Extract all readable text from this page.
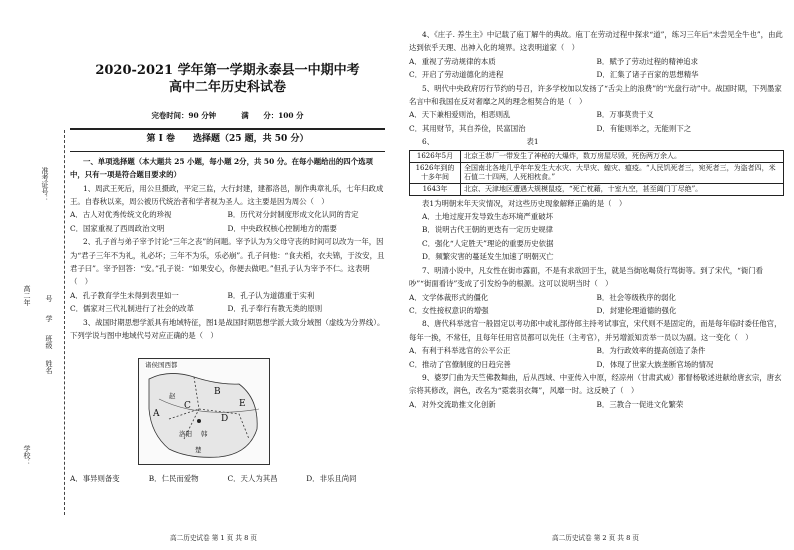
准考证号：
号
学
班级
姓名
高二年
学校：

2020-2021 学年第一学期永泰县一中期中考

高中二年历史科试卷

完卷时间：90 分钟	满　　分：100 分

第 I 卷　　选择题（25 题，共 50 分）

一、单项选择题（本大题共 25 小题，每小题 2分，共 50 分。在每小题给出的四个选项中，只有一项是符合题目要求的）

1、周武王死后，用公旦摄政，平定三监，大行封建，建都洛邑，制作典章礼乐，七年归政成王。自春秋以来，周公被历代统治者和学者视为圣人。这主要是因为周公（　）

A．古人对优秀传统文化的珍视	B．历代对分封制度形成文化认同的肯定
C．国家重视了西周政治文明	D．中央政权核心控制地方的需要

2、孔子首与弟子宰予讨论“三年之丧”的问题。宰予认为为父母守丧的时间可以改为一年，因为“君子三年不为礼，礼必坏；三年不为乐，乐必崩”。孔子问他：“食夫稻，衣夫锦，于汝安，且君子曰”。宰予回答：“安。”孔子说：“如果安心，你便去做吧。”但孔子认为宰予不仁。这表明（　）

A．孔子教育学生未得到表里如一	B．孔子认为道德重于实利
C．儒家对三代礼制进行了社会的改革	D．孔子奉行有教无类的原则

3、战国时期思想学派具有地域特征，图1是战国时期思想学派大致分域图（虚线为分界线）。下列学说与图中地域代号对应正确的是（　）

诸侯国西都
A
B
C
D
E
洛阳 韩
楚
赵
A．事异则备变	B．仁民而爱物	C．天人为其昌	D．非乐且尚同
高二历史试卷 第 1 页 共 8 页

4、《庄子. 养生主》中记载了庖丁解牛的典故。庖丁在劳动过程中探求“道”，练习三年后“未尝见全牛也”，由此达到依乎天理、出神入化的境界。这表明道家（　）

A．重视了劳动规律的本质	B．赋予了劳动过程的精神追求
C．开启了劳动道德化的进程	D．汇集了诸子百家的思想精华

5、明代中央政府厉行节约的号召，许多学校加以发扬了“舌尖上的浪费”的“光盘行动”中。战国时期，下列墨家名言中和我国在反对奢靡之风的理念相契合的是（　）

A．天下兼相爱则治，相恶则乱	B．万事莫贵于义
C．其用财节，其自养俭，民富国治	D．有能则举之，无能则下之

6、　　　　　　　　　　　　　表1

1626年5月	北京王恭厂一带发生了神秘的大爆炸，数万房屋尽毁，死伤两万余人。
1626年到的十多年间	全国南北各地几乎年年发生大水灾、大旱灾、蝗灾、瘟疫。“人民饥死者三，宛死者三，为盗者四，米石值二十四两，人死相枕食。”
1643年	北京、天津地区遭遇大规模鼠疫，“死亡枕藉，十室九空，甚至阖门丁尽绝”。

表1为明朝末年天灾情况，对这些历史现象解释正确的是（　）

A．土地过度开发导致生态环境严重破坏

B．说明古代王朝的更迭有一定历史规律

C．强化“人定胜天”理论的重要历史依据

D．频繁灾害的蔓延发生加速了明朝灭亡

7、明清小说中，凡女性在街市露面，不是有求欲回于生，就是当街吆喝货行骂街等。到了宋代，“衙门看吵”“街面看诗”变成了引发纷争的根源。这可以说明当时（　）

A．文学体裁形式的僵化	B．社会等级秩序的弱化
C．女性接权意识的增强	D．封建伦理道德的强化

8、唐代科举选官一般固定以考功郎中或礼部侍郎主持考试事宜，宋代则不是固定的，而是每年临时委任他官，每年一换，不常任，且每年任用官员都可以先任（主考官），并另增派知贡举一员以为副。这一变化（　）

A．有利于科举选官的公平公正	B．为行政效率的提高创造了条件
C．推动了官僚制度的日趋完善	D．体现了世家大族垄断官场的情况

9、婆罗门曲为天竺佛教舞曲，后从西域、中亚传入中原，经凉州（甘肃武威）都督杨敬述进献给唐玄宗，唐玄宗将其修改，润色，改名为“霓裳羽衣舞”，风靡一时。这反映了（　）

A．对外交流助推文化创新	B．三教合一促进文化繁荣
高二历史试卷 第 2 页 共 8 页
